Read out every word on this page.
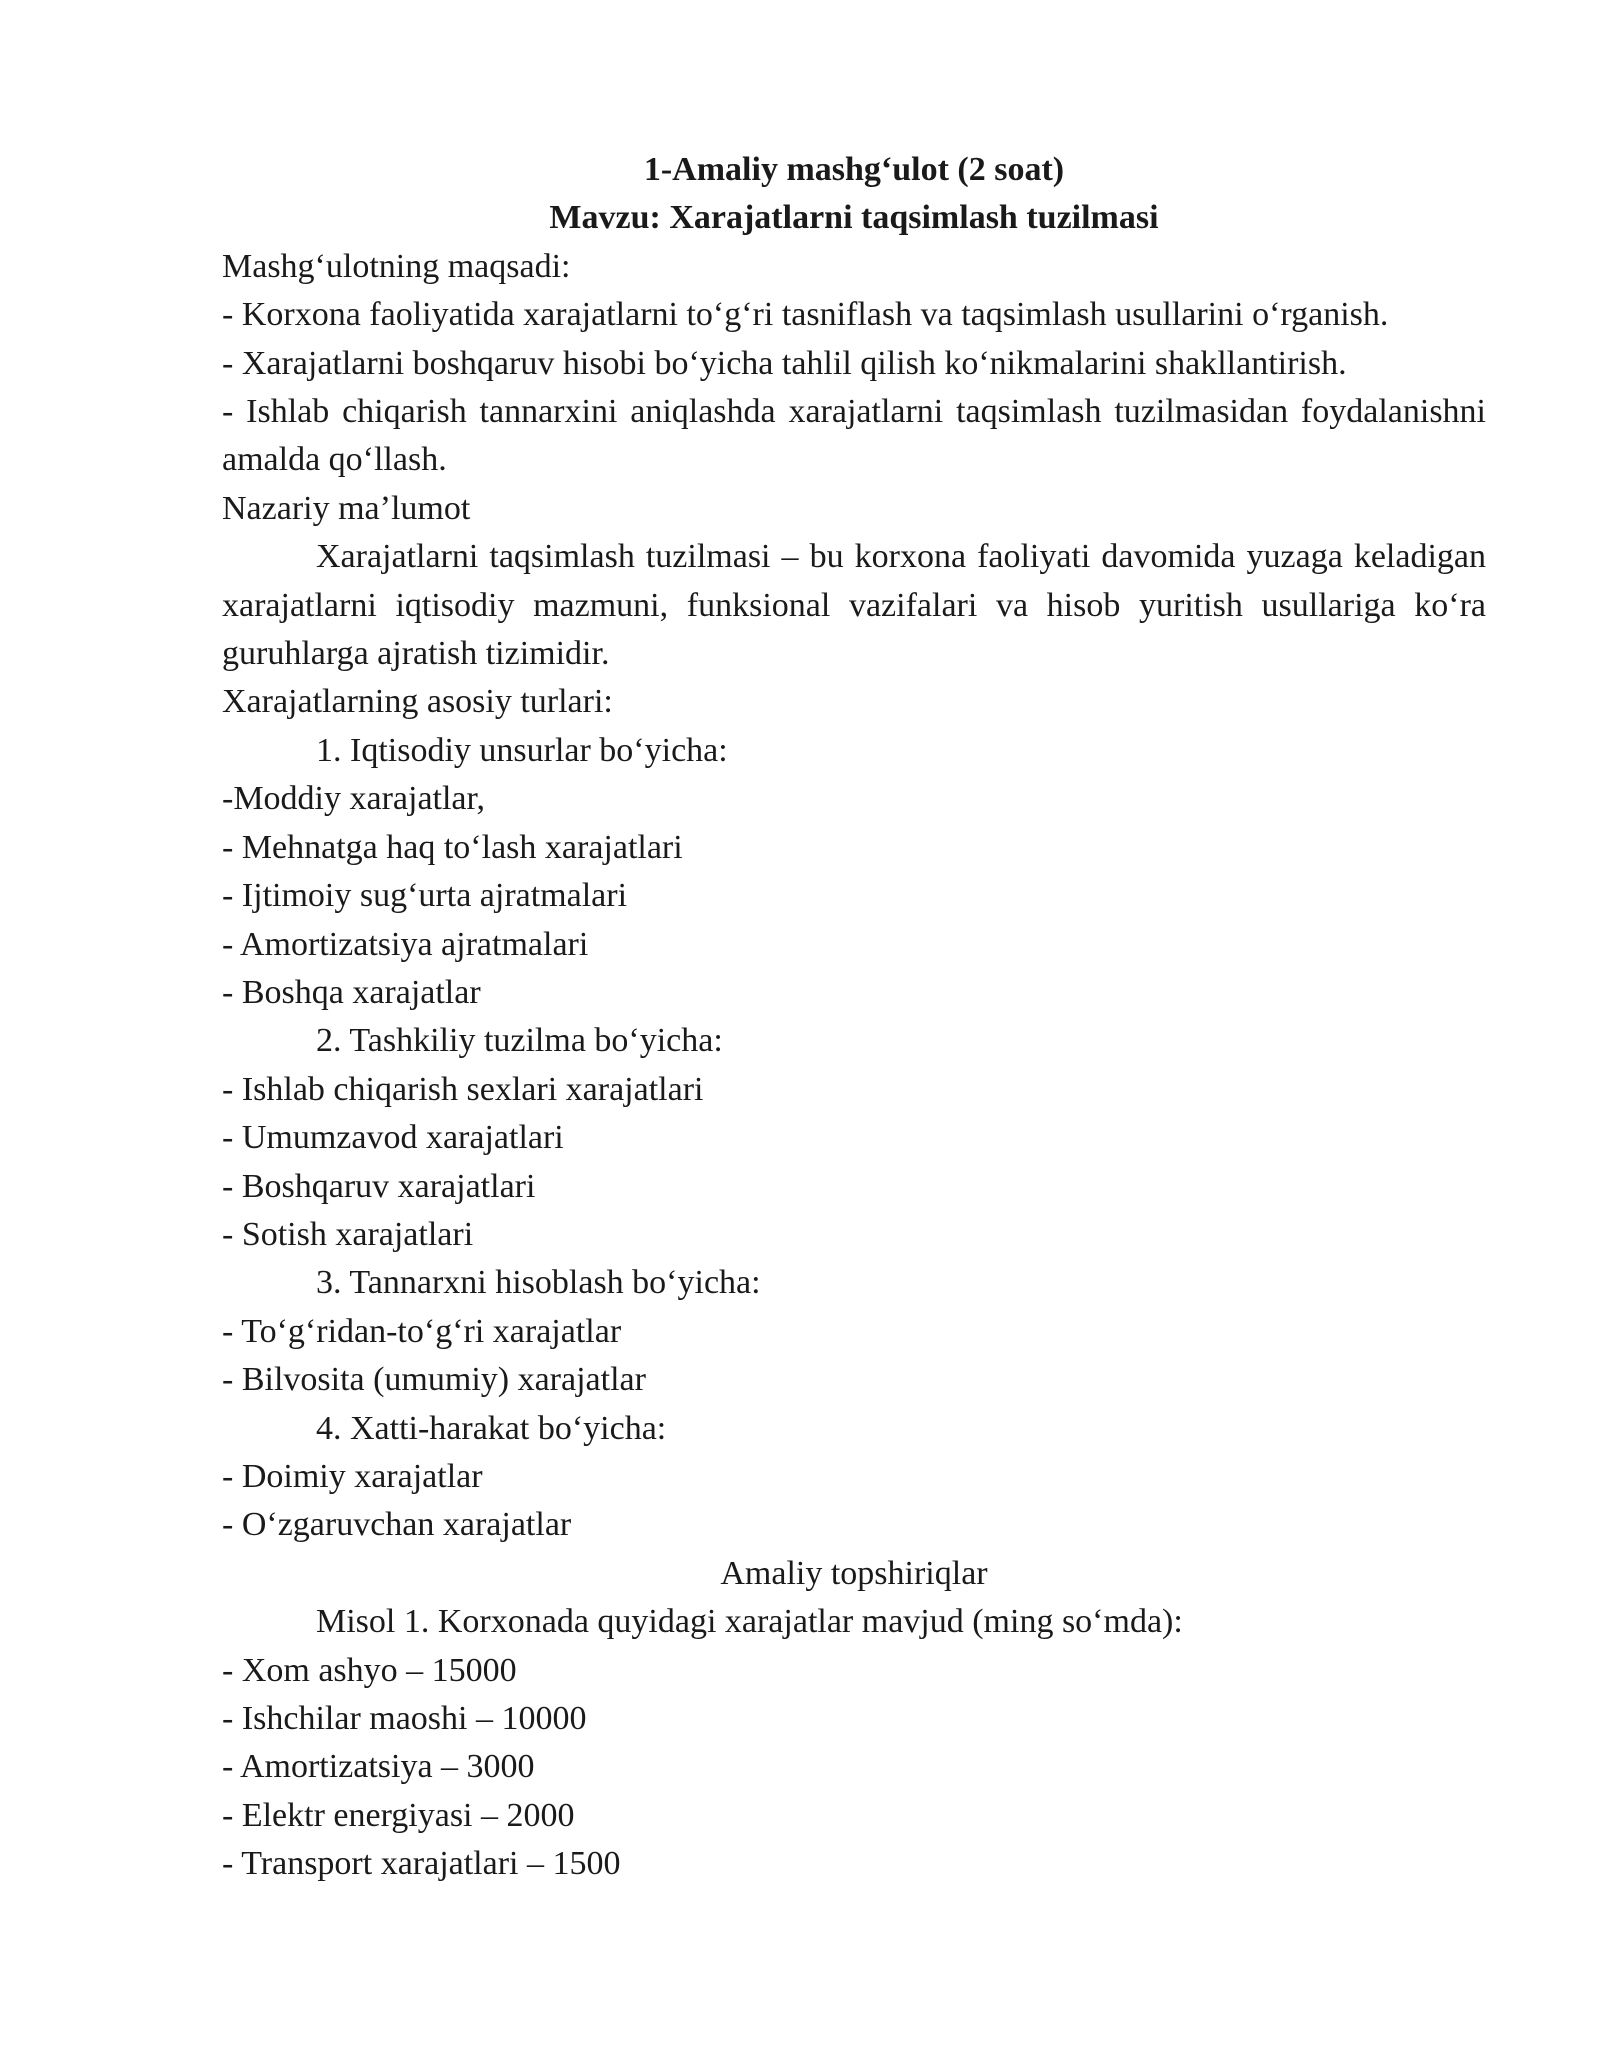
1-Amaliy mashgʻulot (2 soat)

Mavzu: Xarajatlarni taqsimlash tuzilmasi

Mashgʻulotning maqsadi:

- Korxona faoliyatida xarajatlarni toʻgʻri tasniflash va taqsimlash usullarini oʻrganish.

- Xarajatlarni boshqaruv hisobi boʻyicha tahlil qilish koʻnikmalarini shakllantirish.

- Ishlab chiqarish tannarxini aniqlashda xarajatlarni taqsimlash tuzilmasidan foydalanishni amalda qoʻllash.

Nazariy maʼlumot

Xarajatlarni taqsimlash tuzilmasi – bu korxona faoliyati davomida yuzaga keladigan xarajatlarni iqtisodiy mazmuni, funksional vazifalari va hisob yuritish usullariga koʻra guruhlarga ajratish tizimidir.

Xarajatlarning asosiy turlari:

1. Iqtisodiy unsurlar boʻyicha:

-Moddiy xarajatlar,

- Mehnatga haq toʻlash xarajatlari

- Ijtimoiy sugʻurta ajratmalari

- Amortizatsiya ajratmalari

- Boshqa xarajatlar

2. Tashkiliy tuzilma boʻyicha:

- Ishlab chiqarish sexlari xarajatlari

- Umumzavod xarajatlari

- Boshqaruv xarajatlari

- Sotish xarajatlari

3. Tannarxni hisoblash boʻyicha:

- Toʻgʻridan-toʻgʻri xarajatlar

- Bilvosita (umumiy) xarajatlar

4. Xatti-harakat boʻyicha:

- Doimiy xarajatlar

- Oʻzgaruvchan xarajatlar

Amaliy topshiriqlar

Misol 1. Korxonada quyidagi xarajatlar mavjud (ming soʻmda):

- Xom ashyo – 15000

- Ishchilar maoshi – 10000

- Amortizatsiya – 3000

- Elektr energiyasi – 2000

- Transport xarajatlari – 1500
